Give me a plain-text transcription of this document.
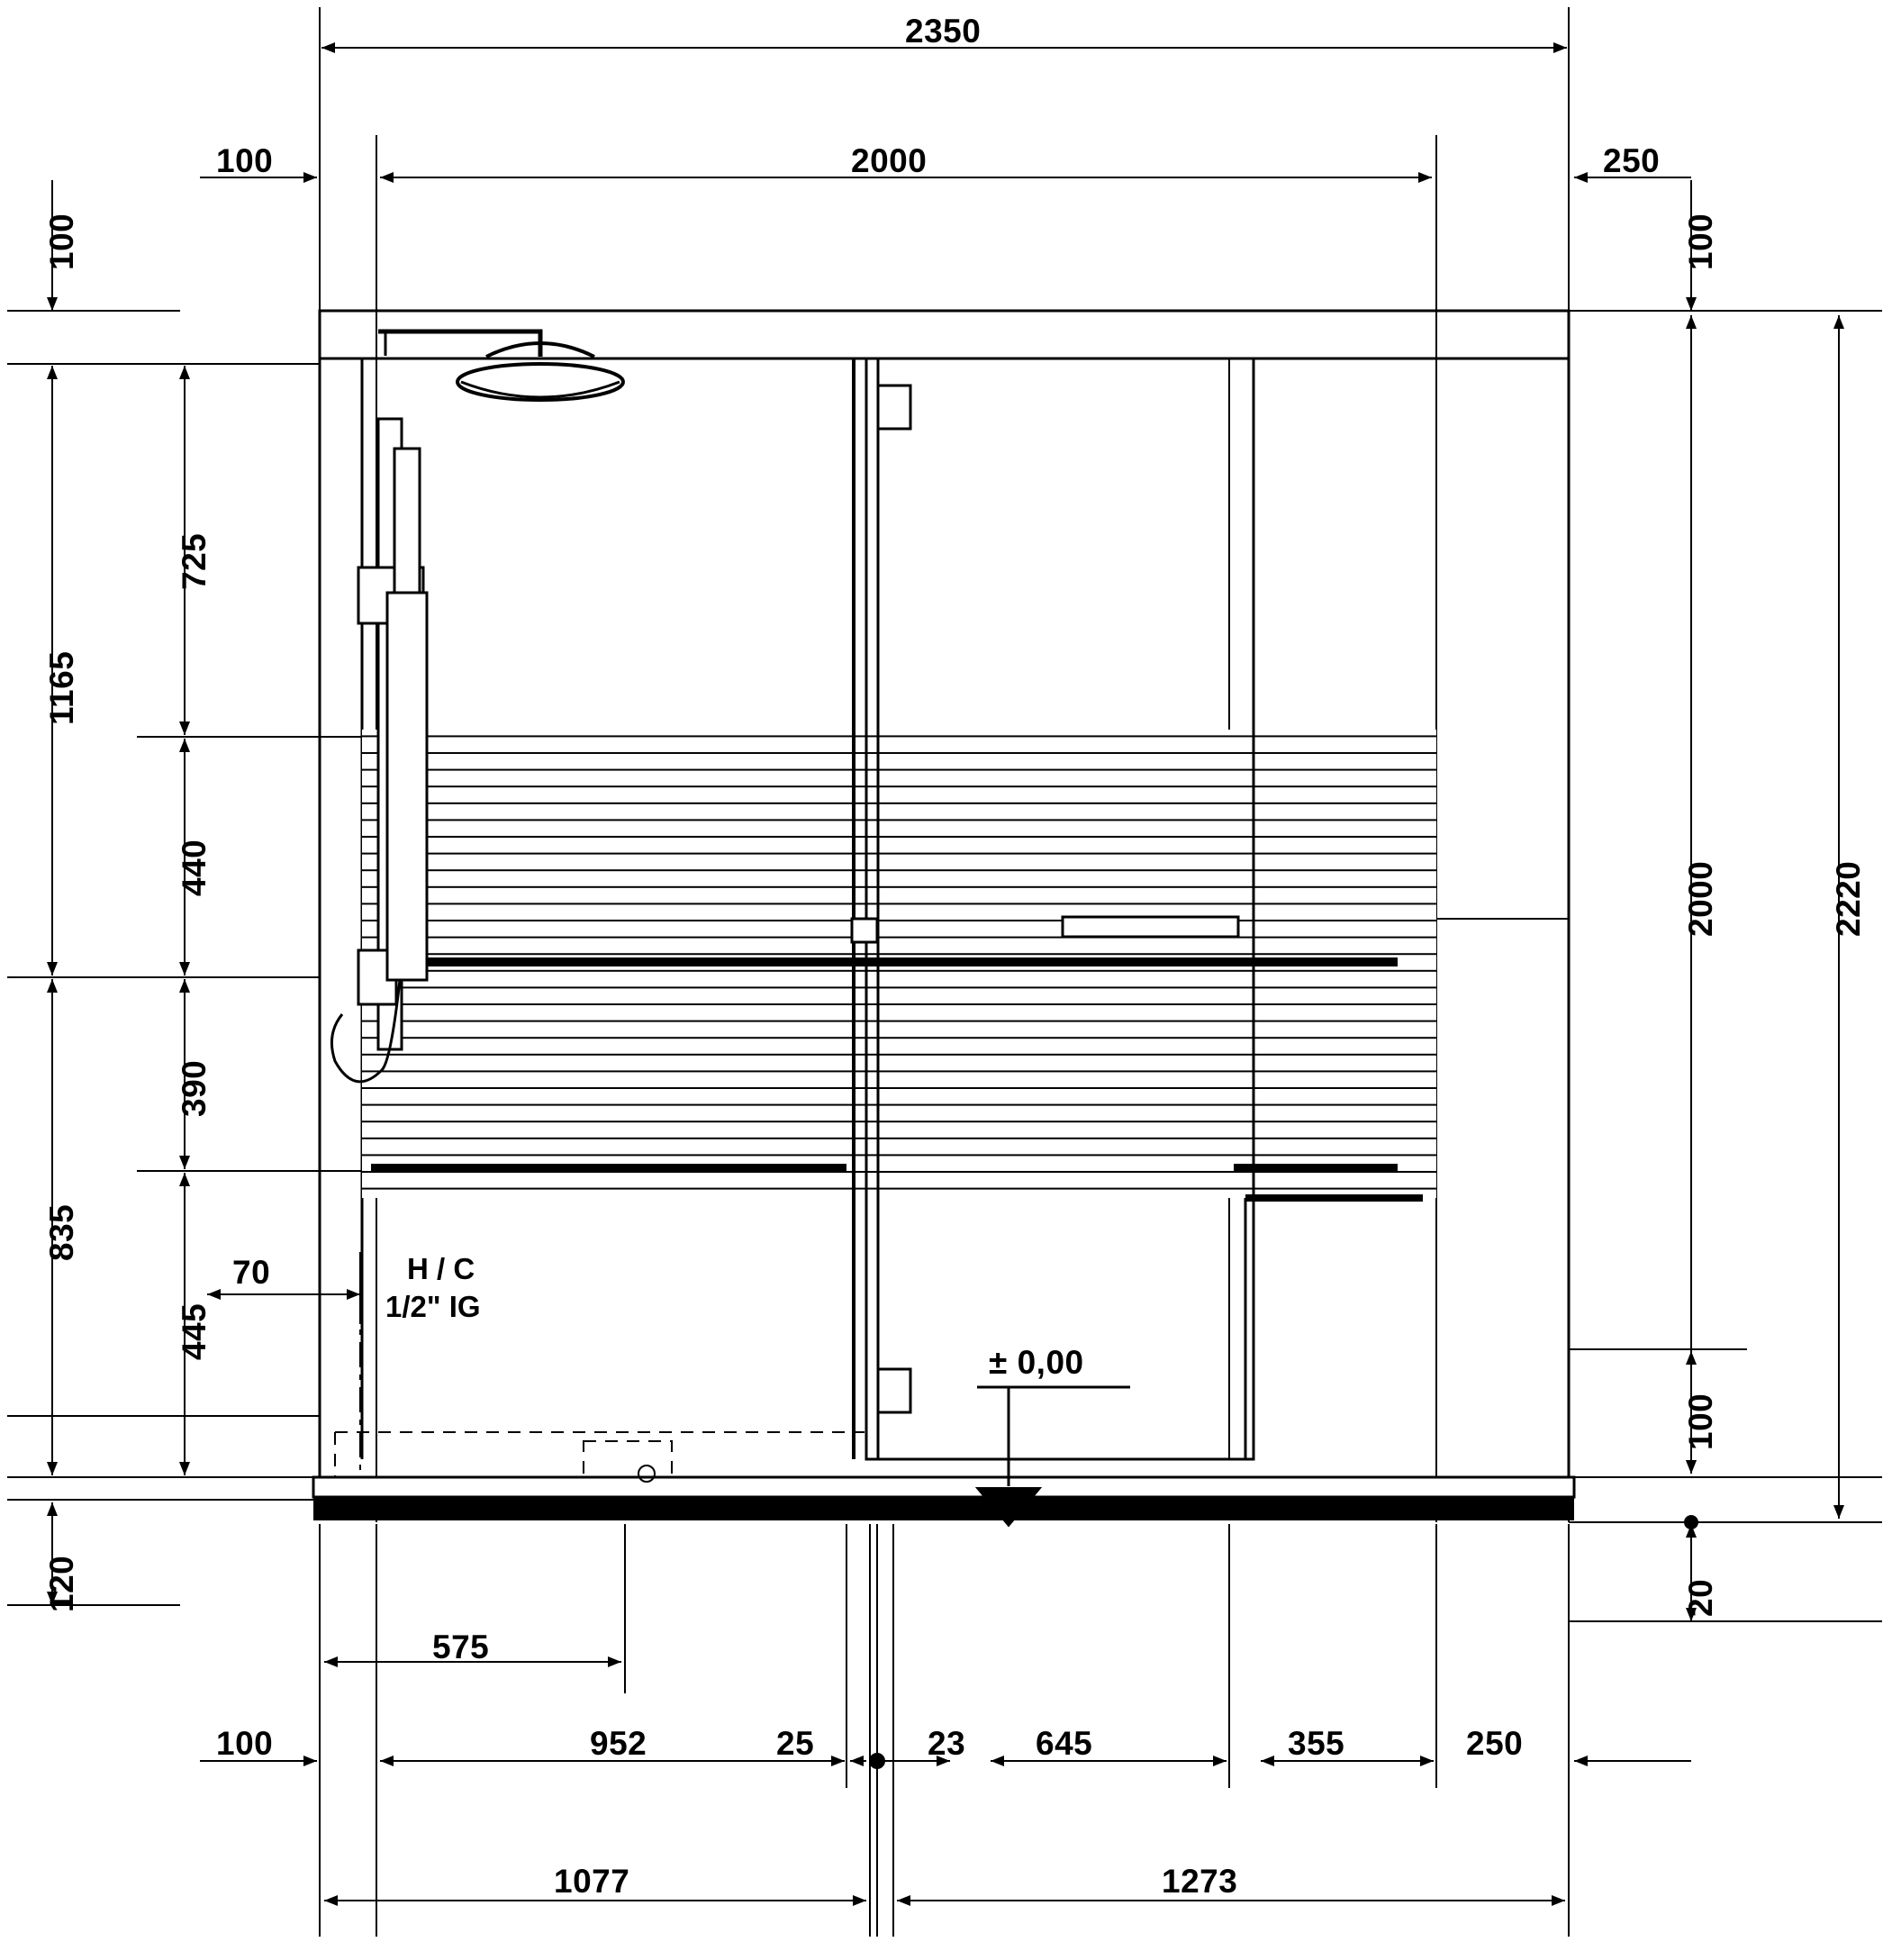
2350
2000
100	250
100	100
1165
835
725
440
390
445
120
70
2000	2220
100
20
575
100	952	25	23 645	355	250
1077	1273
H / C
1/2" IG
± 0,00
